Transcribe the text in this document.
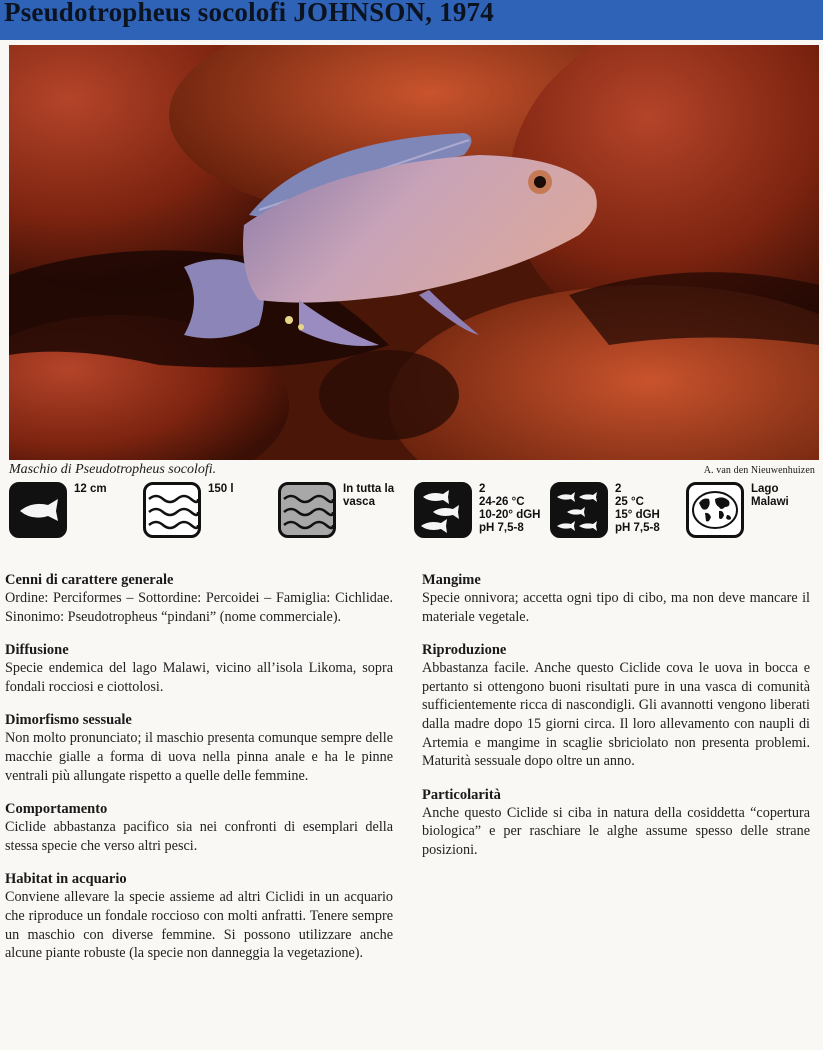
Pseudotropheus socolofi JOHNSON, 1974
Maschio di Pseudotropheus socolofi.	A. van den Nieuwenhuizen
12 cm	150 l	In tutta la
vasca
2
24-26 °C
10-20° dGH
pH 7,5-8
2
25 °C
15° dGH
pH 7,5-8
Lago
Malawi
Cenni di carattere generale

Ordine: Perciformes – Sottordine: Percoidei – Famiglia: Cichlidae. Sinonimo: Pseudotropheus “pindani” (nome commerciale).

Diffusione

Specie endemica del lago Malawi, vicino all’isola Likoma, sopra fondali rocciosi e ciottolosi.

Dimorfismo sessuale

Non molto pronunciato; il maschio presenta comunque sempre delle macchie gialle a forma di uova nella pinna anale e ha le pinne ventrali più allungate rispetto a quelle delle femmine.

Comportamento

Ciclide abbastanza pacifico sia nei confronti di esemplari della stessa specie che verso altri pesci.

Habitat in acquario

Conviene allevare la specie assieme ad altri Ciclidi in un acquario che riproduce un fondale roccioso con molti anfratti. Tenere sempre un maschio con diverse femmine. Si possono utilizzare anche alcune piante robuste (la specie non danneggia la vegetazione).

Mangime

Specie onnivora; accetta ogni tipo di cibo, ma non deve mancare il materiale vegetale.

Riproduzione

Abbastanza facile. Anche questo Ciclide cova le uova in bocca e pertanto si ottengono buoni risultati pure in una vasca di comunità sufficientemente ricca di nascondigli. Gli avannotti vengono liberati dalla madre dopo 15 giorni circa. Il loro allevamento con naupli di Artemia e mangime in scaglie sbriciolato non presenta problemi. Maturità sessuale dopo oltre un anno.

Particolarità

Anche questo Ciclide si ciba in natura della cosiddetta “copertura biologica” e per raschiare le alghe assume spesso delle strane posizioni.
